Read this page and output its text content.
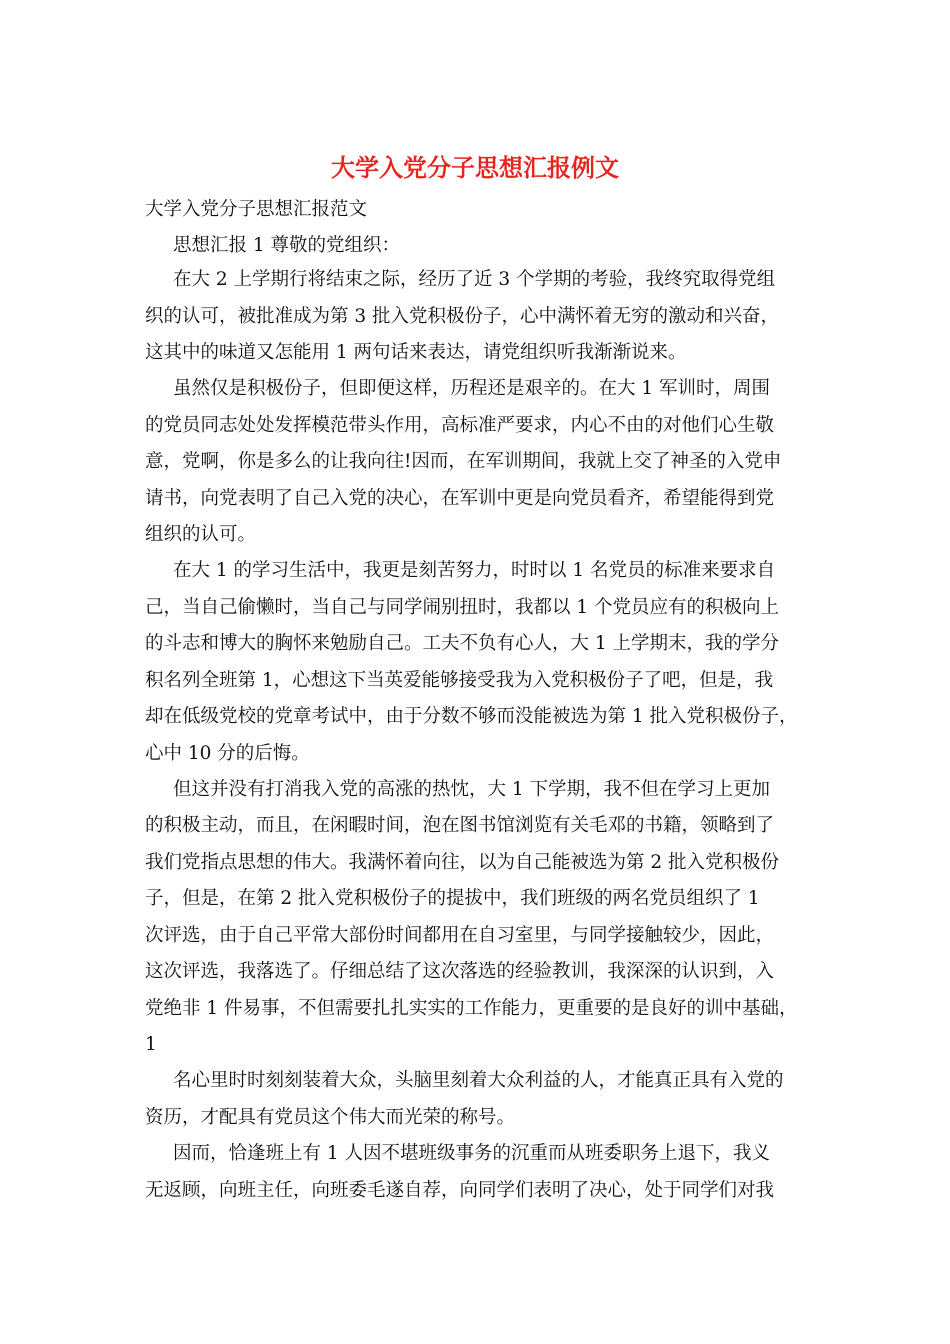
大学入党分子思想汇报例文

大学入党分子思想汇报范文

思想汇报 1 尊敬的党组织：

在大 2 上学期行将结束之际，经历了近 3 个学期的考验，我终究取得党组

织的认可，被批准成为第 3 批入党积极份子，心中满怀着无穷的激动和兴奋，

这其中的味道又怎能用 1 两句话来表达，请党组织听我渐渐说来。

虽然仅是积极份子，但即便这样，历程还是艰辛的。在大 1 军训时，周围

的党员同志处处发挥模范带头作用，高标准严要求，内心不由的对他们心生敬

意，党啊，你是多么的让我向往!因而，在军训期间，我就上交了神圣的入党申

请书，向党表明了自己入党的决心，在军训中更是向党员看齐，希望能得到党

组织的认可。

在大 1 的学习生活中，我更是刻苦努力，时时以 1 名党员的标准来要求自

己，当自己偷懒时，当自己与同学闹别扭时，我都以 1 个党员应有的积极向上

的斗志和博大的胸怀来勉励自己。工夫不负有心人，大 1 上学期末，我的学分

积名列全班第 1，心想这下当英爱能够接受我为入党积极份子了吧，但是，我

却在低级党校的党章考试中，由于分数不够而没能被选为第 1 批入党积极份子，

心中 10 分的后悔。

但这并没有打消我入党的高涨的热忱，大 1 下学期，我不但在学习上更加

的积极主动，而且，在闲暇时间，泡在图书馆浏览有关毛邓的书籍，领略到了

我们党指点思想的伟大。我满怀着向往，以为自己能被选为第 2 批入党积极份

子，但是，在第 2 批入党积极份子的提拔中，我们班级的两名党员组织了 1

次评选，由于自己平常大部份时间都用在自习室里，与同学接触较少，因此，

这次评选，我落选了。仔细总结了这次落选的经验教训，我深深的认识到，入

党绝非 1 件易事，不但需要扎扎实实的工作能力，更重要的是良好的训中基础，

1

名心里时时刻刻装着大众，头脑里刻着大众利益的人，才能真正具有入党的

资历，才配具有党员这个伟大而光荣的称号。

因而，恰逢班上有 1 人因不堪班级事务的沉重而从班委职务上退下，我义

无返顾，向班主任，向班委毛遂自荐，向同学们表明了决心，处于同学们对我
